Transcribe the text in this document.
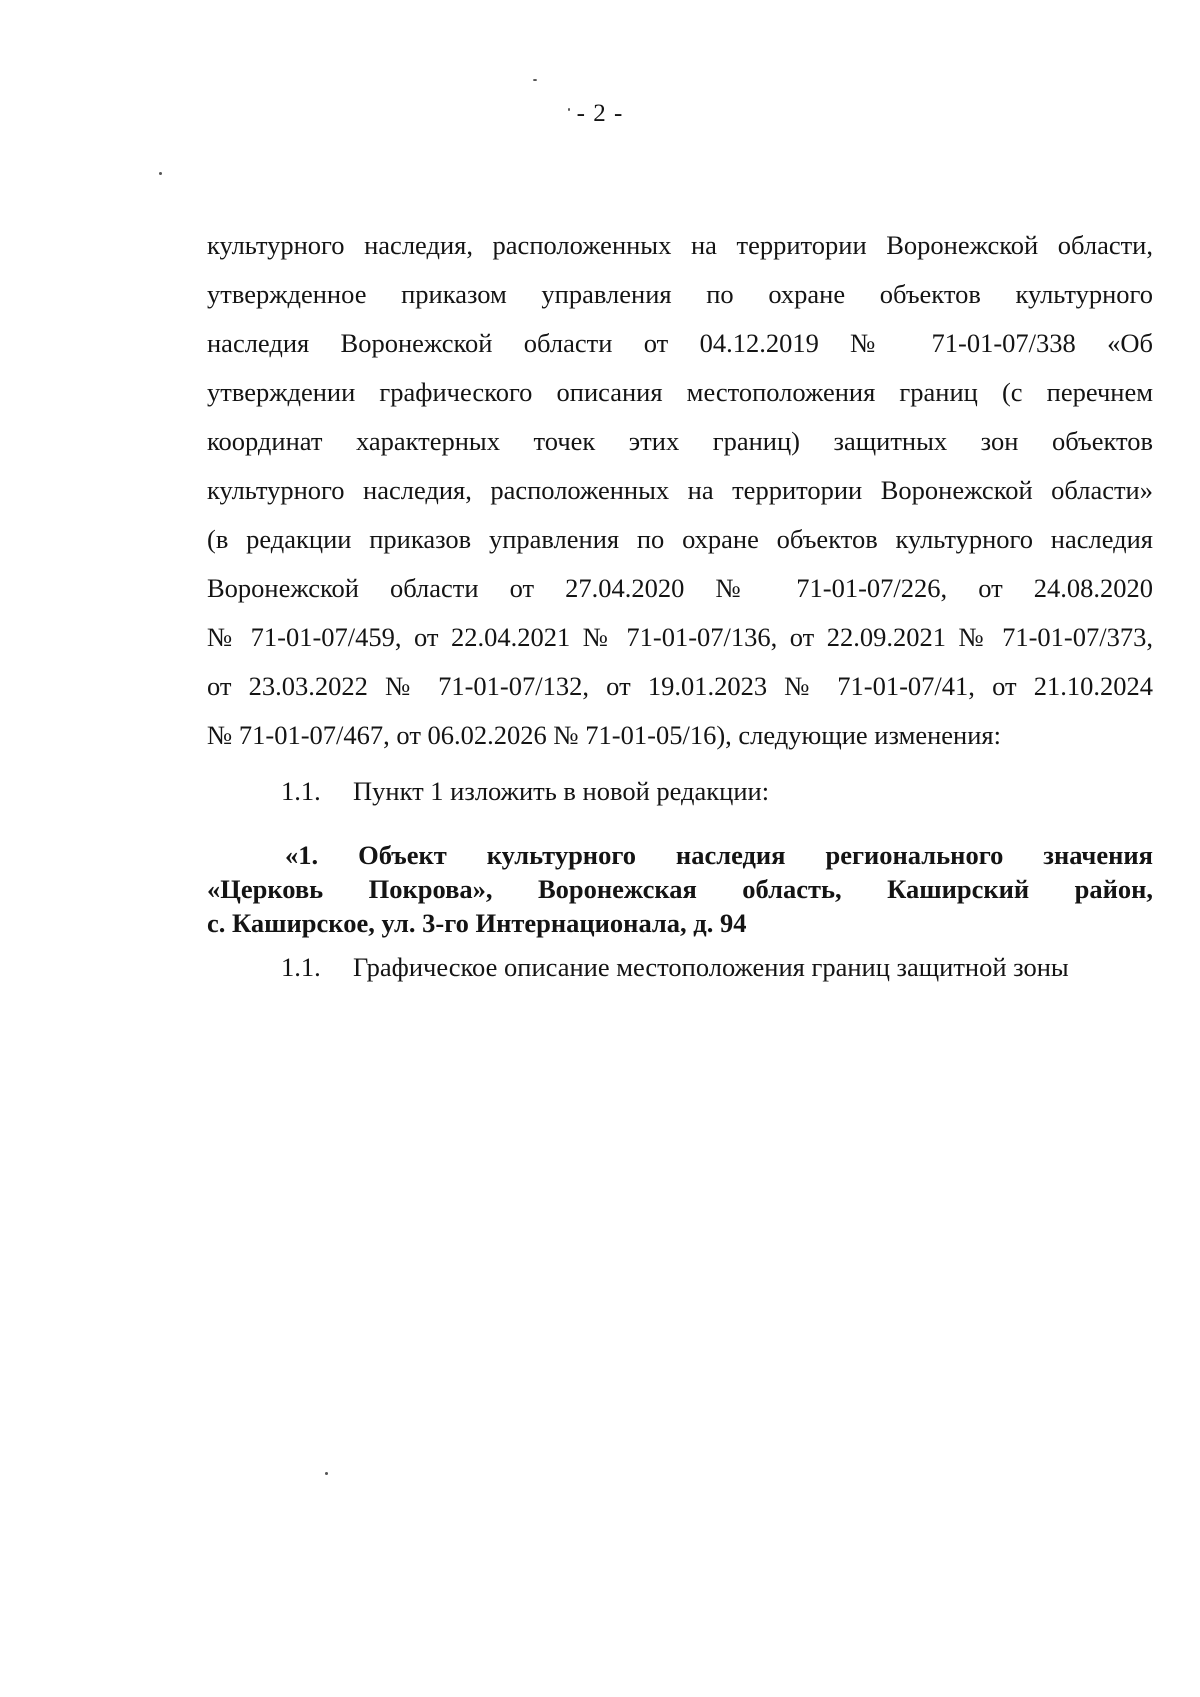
- 2 -
культурного наследия, расположенных на территории Воронежской области,
утвержденное приказом управления по охране объектов культурного
наследия Воронежской области от 04.12.2019 № 71-01-07/338 «Об
утверждении графического описания местоположения границ (с перечнем
координат характерных точек этих границ) защитных зон объектов
культурного наследия, расположенных на территории Воронежской области»
(в редакции приказов управления по охране объектов культурного наследия
Воронежской области от 27.04.2020 № 71-01-07/226, от 24.08.2020
№ 71-01-07/459, от 22.04.2021 № 71-01-07/136, от 22.09.2021 № 71-01-07/373,
от 23.03.2022 № 71-01-07/132, от 19.01.2023 № 71-01-07/41, от 21.10.2024
№ 71-01-07/467, от 06.02.2026 № 71-01-05/16), следующие изменения:
1.1. Пункт 1 изложить в новой редакции:
«1. Объект культурного наследия регионального значения
«Церковь Покрова», Воронежская область, Каширский район,
с. Каширское, ул. 3-го Интернационала, д. 94
1.1. Графическое описание местоположения границ защитной зоны
